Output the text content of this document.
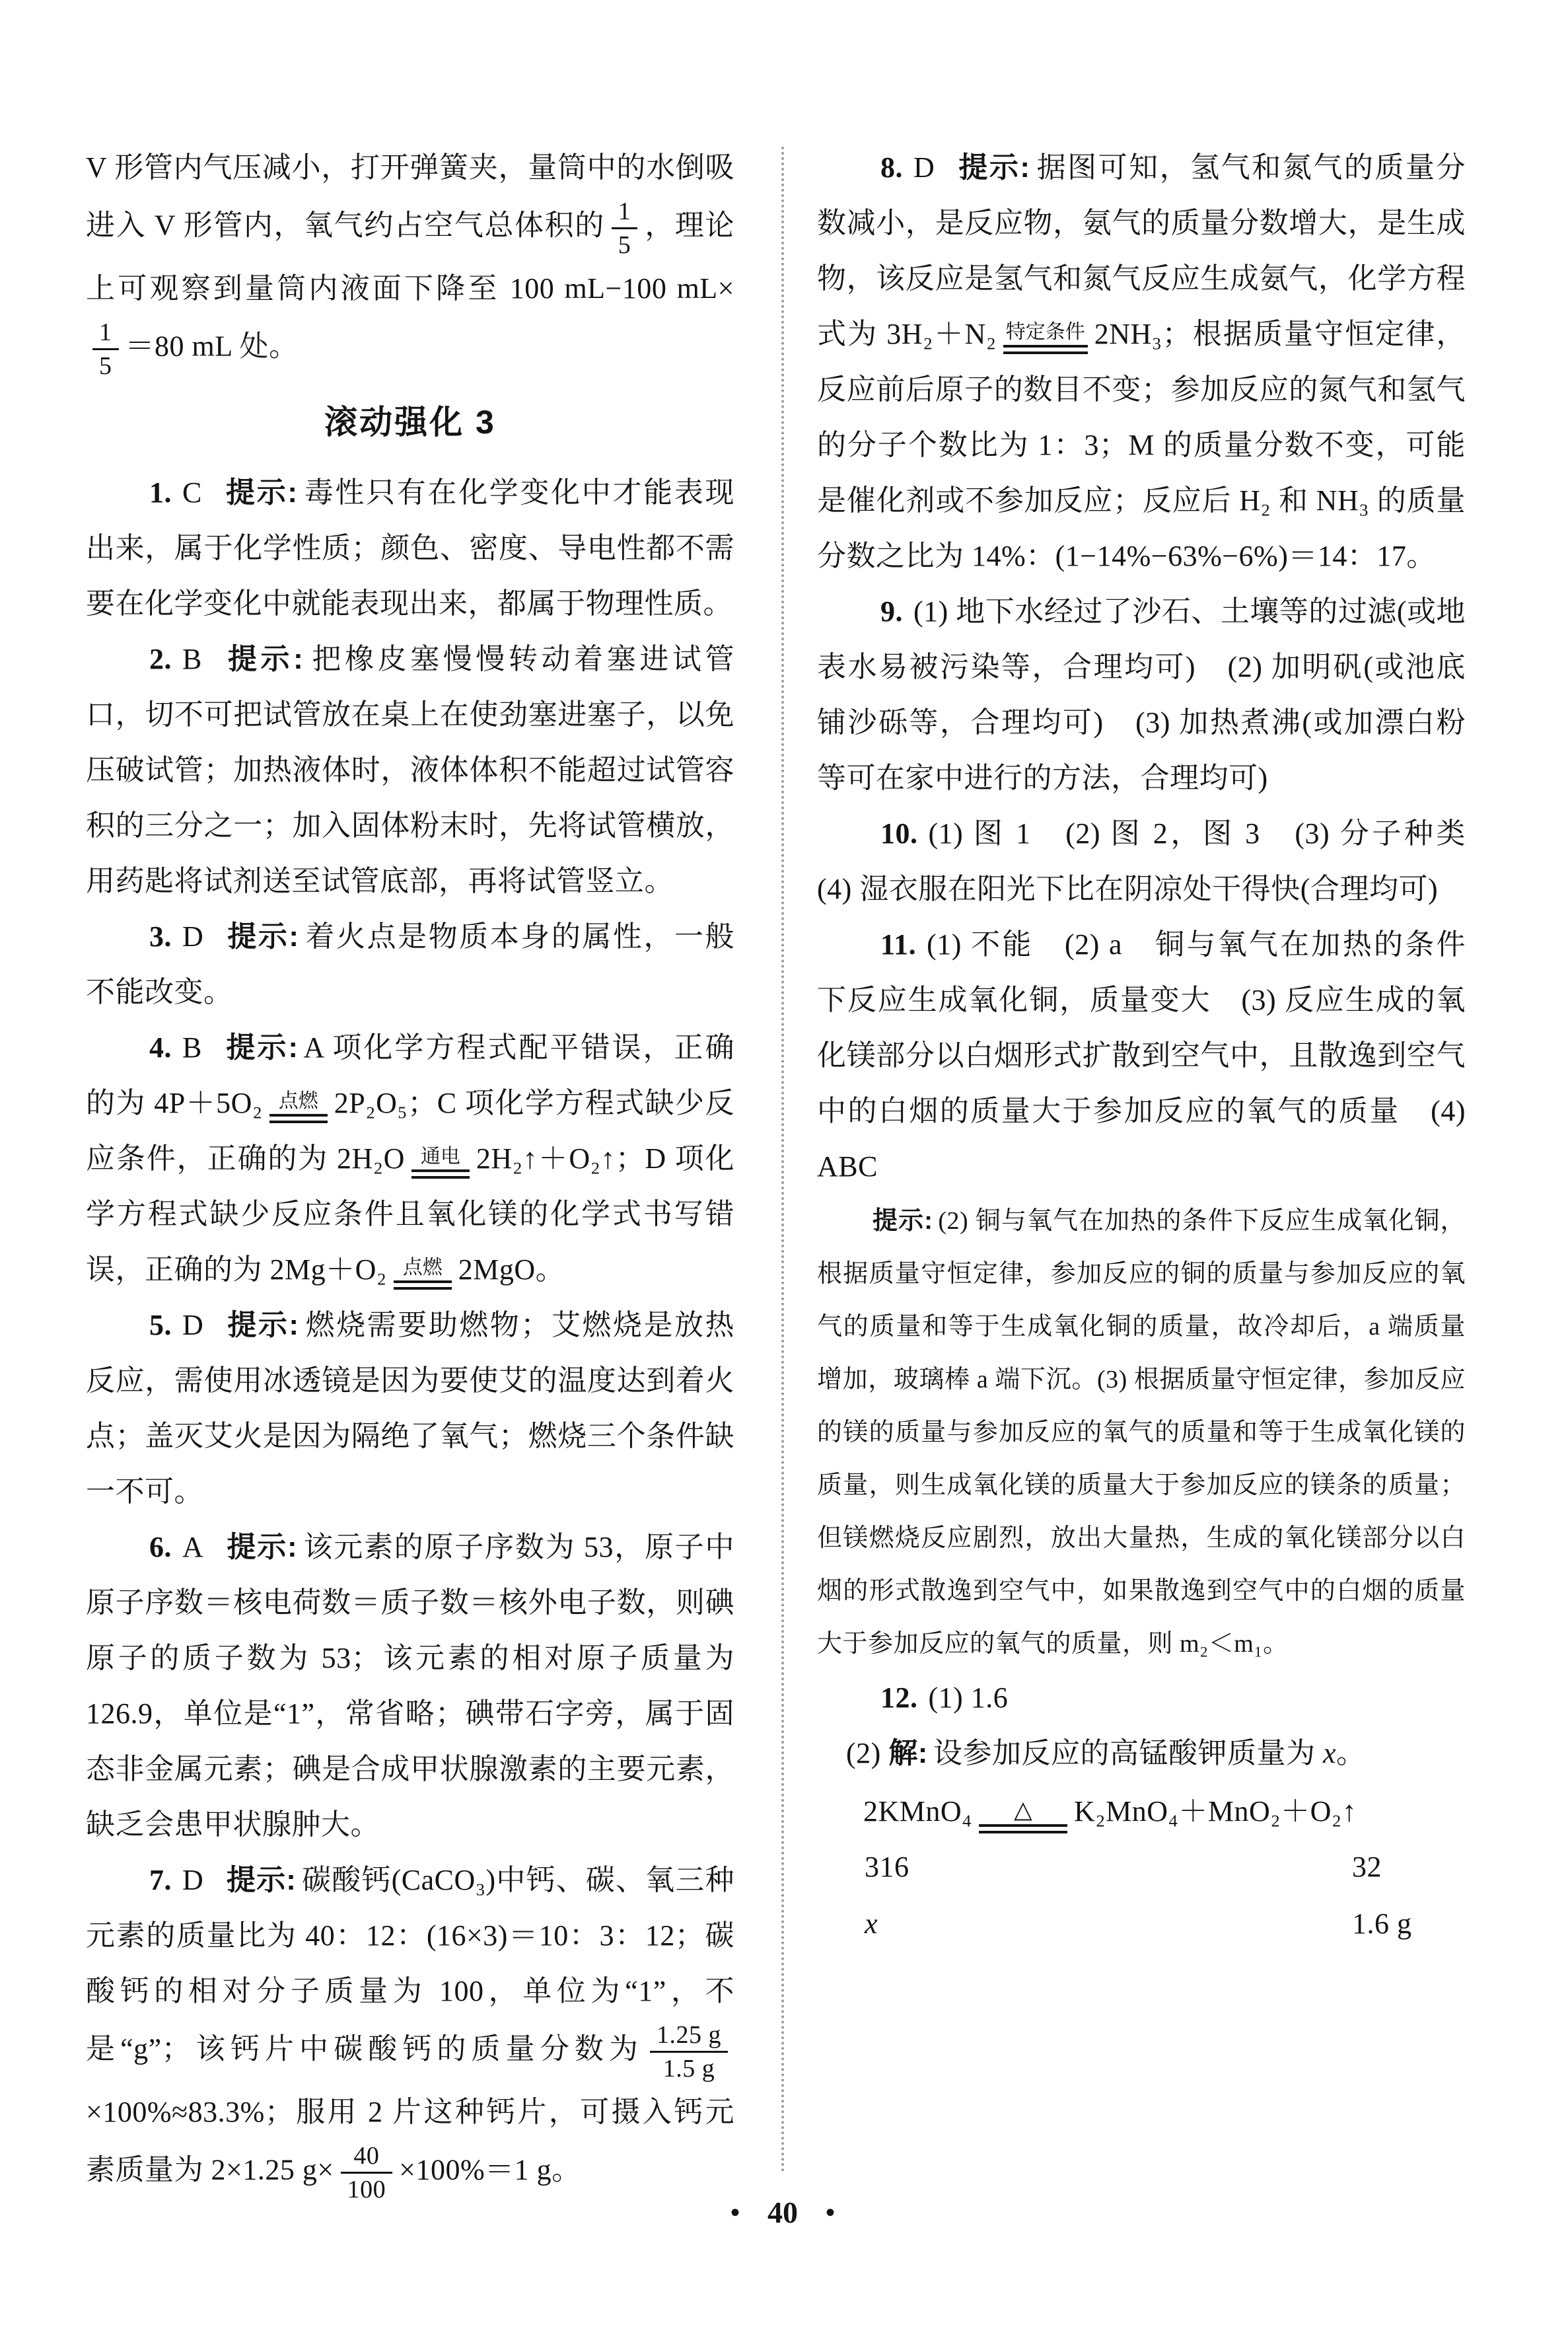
V 形管内气压减小，打开弹簧夹，量筒中的水倒吸进入 V 形管内，氧气约占空气总体积的 $\frac{1}{5}$ ，理论上可观察到量筒内液面下降至 100 mL−100 mL×
$\frac{1}{5} =80$ mL 处。

滚动强化 3

1. C 提示: 毒性只有在化学变化中才能表现出来，属于化学性质；颜色、密度、导电性都不需要在化学变化中就能表现出来，都属于物理性质。

2. B 提示: 把橡皮塞慢慢转动着塞进试管口，切不可把试管放在桌上在使劲塞进塞子，以免压破试管；加热液体时，液体体积不能超过试管容积的三分之一；加入固体粉末时，先将试管横放，用药匙将试剂送至试管底部，再将试管竖立。

3. D 提示: 着火点是物质本身的属性，一般不能改变。

4. B 提示: A 项化学方程式配平错误，正确的为 4P＋5O₂ 点燃 2P₂O₅；C 项化学方程式缺少反应条件，正确的为 2H₂O 通电 2H₂↑＋O₂↑；D 项化学方程式缺少反应条件且氧化镁的化学式书写错误，正确的为 2Mg＋O₂ 点燃 2MgO。

5. D 提示: 燃烧需要助燃物；艾燃烧是放热反应，需使用冰透镜是因为要使艾的温度达到着火点；盖灭艾火是因为隔绝了氧气；燃烧三个条件缺一不可。

6. A 提示: 该元素的原子序数为 53，原子中原子序数＝核电荷数＝质子数＝核外电子数，则碘原子的质子数为 53；该元素的相对原子质量为 126.9，单位是“1”，常省略；碘带石字旁，属于固态非金属元素；碘是合成甲状腺激素的主要元素，缺乏会患甲状腺肿大。

7. D 提示: 碳酸钙(CaCO₃)中钙、碳、氧三种元素的质量比为 40：12：(16×3)＝10：3：12；碳酸钙的相对分子质量为 100，单位为“1”，不是“g”；该钙片中碳酸钙的质量分数为 $\frac{1.25 g}{1.5 g}$
×100%≈83.3%；服用 2 片这种钙片，可摄入钙元素质量为 2×1.25 $g\times \frac{40}{100} \times 100\%=1$ g。

8. D 提示: 据图可知，氢气和氮气的质量分数减小，是反应物，氨气的质量分数增大，是生成物，该反应是氢气和氮气反应生成氨气，化学方程式为 3H₂＋N₂ 特定条件 2NH₃；根据质量守恒定律，反应前后原子的数目不变；参加反应的氮气和氢气的分子个数比为 1：3；M 的质量分数不变，可能是催化剂或不参加反应；反应后 H₂ 和 NH₃ 的质量分数之比为 14%：(1−14%−63%−6%)＝14：17。

9. (1) 地下水经过了沙石、土壤等的过滤(或地表水易被污染等，合理均可)　(2) 加明矾(或池底铺沙砾等，合理均可)　(3) 加热煮沸(或加漂白粉等可在家中进行的方法，合理均可)

10. (1) 图 1　(2) 图 2，图 3　(3) 分子种类　(4) 湿衣服在阳光下比在阴凉处干得快(合理均可)

11. (1) 不能　(2) a　铜与氧气在加热的条件下反应生成氧化铜，质量变大　(3) 反应生成的氧化镁部分以白烟形式扩散到空气中，且散逸到空气中的白烟的质量大于参加反应的氧气的质量　(4) ABC

提示: (2) 铜与氧气在加热的条件下反应生成氧化铜，根据质量守恒定律，参加反应的铜的质量与参加反应的氧气的质量和等于生成氧化铜的质量，故冷却后，a 端质量增加，玻璃棒 a 端下沉。(3) 根据质量守恒定律，参加反应的镁的质量与参加反应的氧气的质量和等于生成氧化镁的质量，则生成氧化镁的质量大于参加反应的镁条的质量；但镁燃烧反应剧烈，放出大量热，生成的氧化镁部分以白烟的形式散逸到空气中，如果散逸到空气中的白烟的质量大于参加反应的氧气的质量，则 m₂＜m₁。

12. (1) 1.6

(2) 解: 设参加反应的高锰酸钾质量为 x。

2KMnO₄ △ K₂MnO₄＋MnO₂＋O₂↑

316	32

x	1.6 g

• 40 •
